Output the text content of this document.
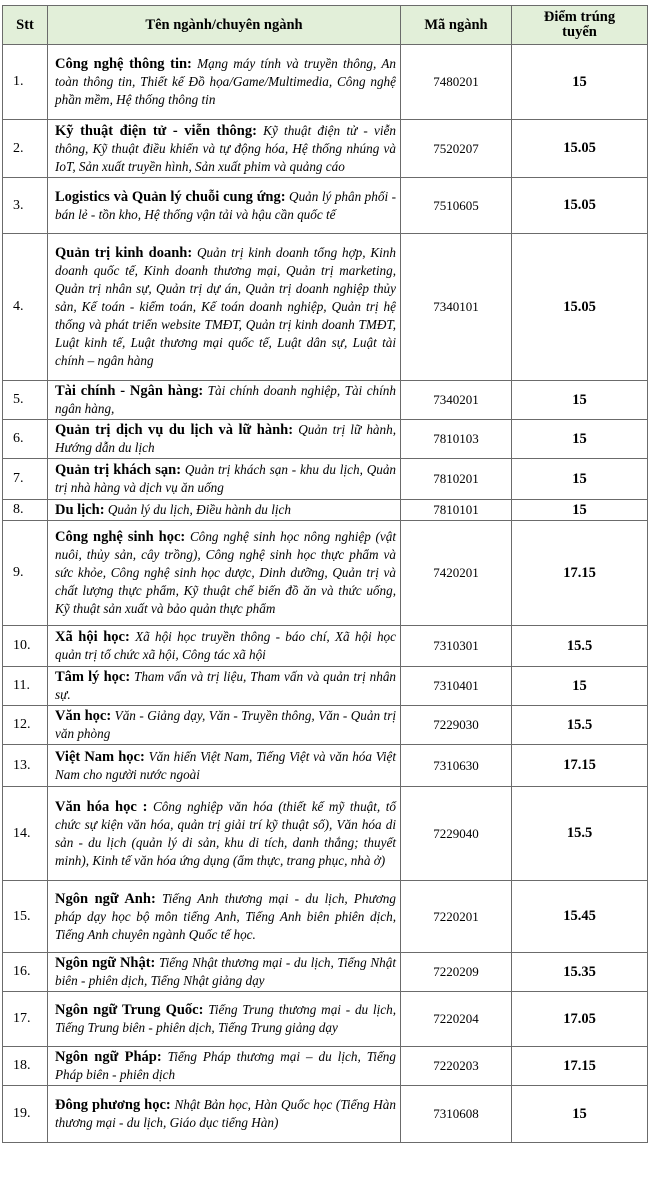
Stt	Tên ngành/chuyên ngành	Mã ngành	Điểm trúng tuyển
1.	Công nghệ thông tin: Mạng máy tính và truyền thông, An toàn thông tin, Thiết kế Đồ họa/Game/Multimedia, Công nghệ phần mềm, Hệ thống thông tin	7480201	15
2.	Kỹ thuật điện tử - viễn thông: Kỹ thuật điện tử - viễn thông, Kỹ thuật điều khiển và tự động hóa, Hệ thống nhúng và IoT, Sản xuất truyền hình, Sản xuất phim và quảng cáo	7520207	15.05
3.	Logistics và Quản lý chuỗi cung ứng: Quản lý phân phối - bán lẻ - tồn kho, Hệ thống vận tải và hậu cần quốc tế	7510605	15.05
4.	Quản trị kinh doanh: Quản trị kinh doanh tổng hợp, Kinh doanh quốc tế, Kinh doanh thương mại, Quản trị marketing, Quản trị nhân sự, Quản trị dự án, Quản trị doanh nghiệp thủy sản, Kế toán - kiểm toán, Kế toán doanh nghiệp, Quản trị hệ thống và phát triển website TMĐT, Quản trị kinh doanh TMĐT, Luật kinh tế, Luật thương mại quốc tế, Luật dân sự, Luật tài chính – ngân hàng	7340101	15.05
5.	Tài chính - Ngân hàng: Tài chính doanh nghiệp, Tài chính ngân hàng,	7340201	15
6.	Quản trị dịch vụ du lịch và lữ hành: Quản trị lữ hành, Hướng dẫn du lịch	7810103	15
7.	Quản trị khách sạn: Quản trị khách sạn - khu du lịch, Quản trị nhà hàng và dịch vụ ăn uống	7810201	15
8.	Du lịch: Quản lý du lịch, Điều hành du lịch	7810101	15
9.	Công nghệ sinh học: Công nghệ sinh học nông nghiệp (vật nuôi, thủy sản, cây trồng), Công nghệ sinh học thực phẩm và sức khỏe, Công nghệ sinh học dược, Dinh dưỡng, Quản trị và chất lượng thực phẩm, Kỹ thuật chế biến đồ ăn và thức uống, Kỹ thuật sản xuất và bảo quản thực phẩm	7420201	17.15
10.	Xã hội học: Xã hội học truyền thông - báo chí, Xã hội học quản trị tổ chức xã hội, Công tác xã hội	7310301	15.5
11.	Tâm lý học: Tham vấn và trị liệu, Tham vấn và quản trị nhân sự.	7310401	15
12.	Văn học: Văn - Giảng dạy, Văn - Truyền thông, Văn - Quản trị văn phòng	7229030	15.5
13.	Việt Nam học: Văn hiến Việt Nam, Tiếng Việt và văn hóa Việt Nam cho người nước ngoài	7310630	17.15
14.	Văn hóa học : Công nghiệp văn hóa (thiết kế mỹ thuật, tổ chức sự kiện văn hóa, quản trị giải trí kỹ thuật số), Văn hóa di sản - du lịch (quản lý di sản, khu di tích, danh thắng; thuyết minh), Kinh tế văn hóa ứng dụng (ẩm thực, trang phục, nhà ở)	7229040	15.5
15.	Ngôn ngữ Anh: Tiếng Anh thương mại - du lịch, Phương pháp dạy học bộ môn tiếng Anh, Tiếng Anh biên phiên dịch, Tiếng Anh chuyên ngành Quốc tế học.	7220201	15.45
16.	Ngôn ngữ Nhật: Tiếng Nhật thương mại - du lịch, Tiếng Nhật biên - phiên dịch, Tiếng Nhật giảng dạy	7220209	15.35
17.	Ngôn ngữ Trung Quốc: Tiếng Trung thương mại - du lịch, Tiếng Trung biên - phiên dịch, Tiếng Trung giảng dạy	7220204	17.05
18.	Ngôn ngữ Pháp: Tiếng Pháp thương mại – du lịch, Tiếng Pháp biên - phiên dịch	7220203	17.15
19.	Đông phương học: Nhật Bản học, Hàn Quốc học (Tiếng Hàn thương mại - du lịch, Giáo dục tiếng Hàn)	7310608	15
